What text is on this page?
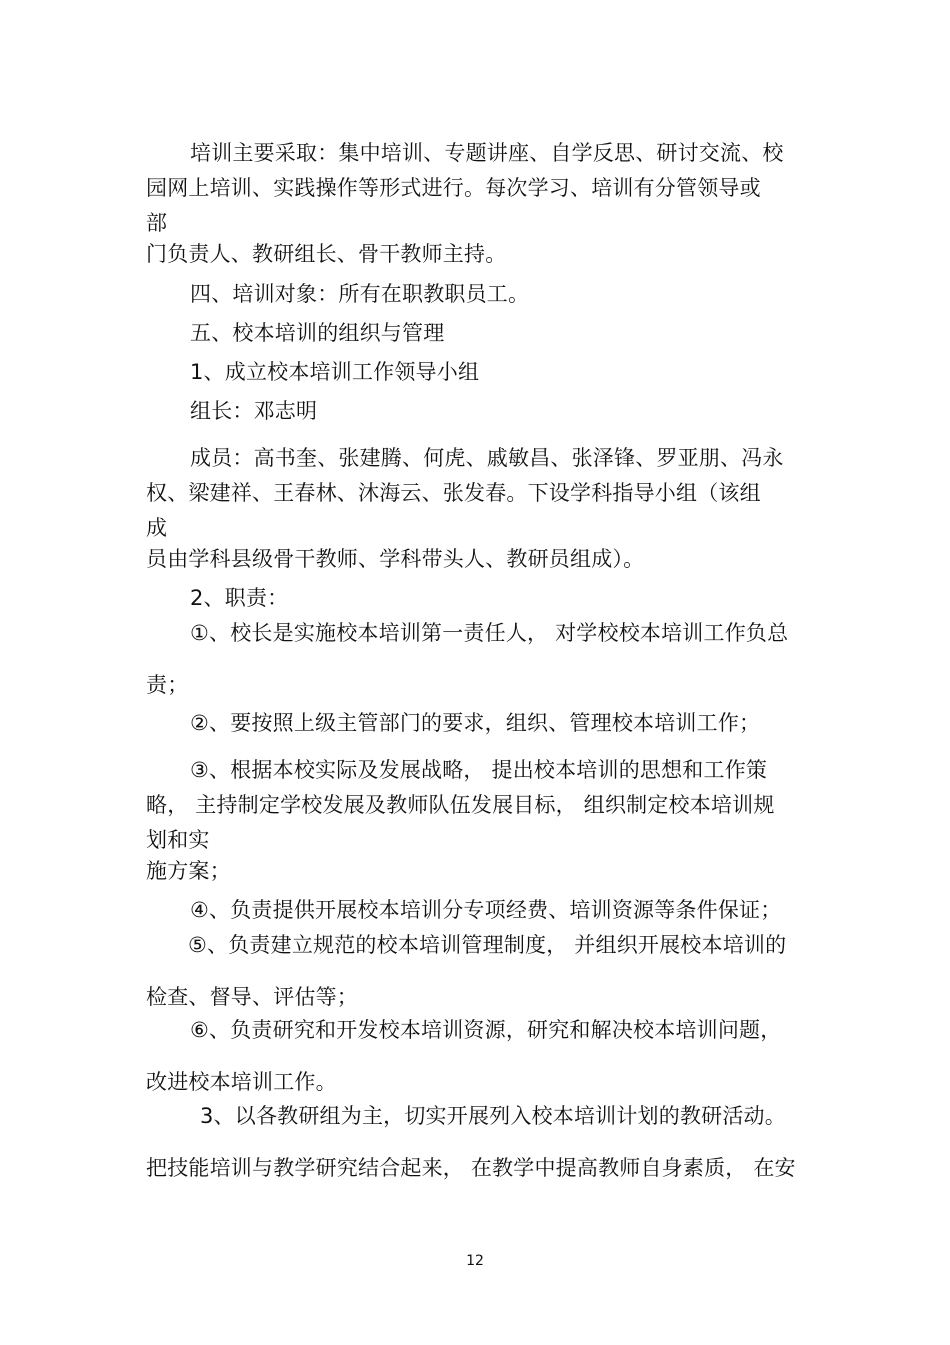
培训主要采取：集中培训、专题讲座、自学反思、研讨交流、校
园网上培训、实践操作等形式进行。每次学习、培训有分管领导或
部
门负责人、教研组长、骨干教师主持。
四、培训对象：所有在职教职员工。
五、校本培训的组织与管理
1、成立校本培训工作领导小组
组长：邓志明
成员：高书奎、张建腾、何虎、戚敏昌、张泽锋、罗亚朋、冯永
权、梁建祥、王春林、沐海云、张发春。下设学科指导小组（该组
成
员由学科县级骨干教师、学科带头人、教研员组成）。
2、职责：
①、校长是实施校本培训第一责任人， 对学校校本培训工作负总
责；
②、要按照上级主管部门的要求，组织、管理校本培训工作；
③、根据本校实际及发展战略， 提出校本培训的思想和工作策
略， 主持制定学校发展及教师队伍发展目标， 组织制定校本培训规
划和实
施方案；
④、负责提供开展校本培训分专项经费、培训资源等条件保证；
⑤、负责建立规范的校本培训管理制度， 并组织开展校本培训的
检查、督导、评估等；
⑥、负责研究和开发校本培训资源，研究和解决校本培训问题，
改进校本培训工作。
3、以各教研组为主，切实开展列入校本培训计划的教研活动。
把技能培训与教学研究结合起来， 在教学中提高教师自身素质， 在安
12
